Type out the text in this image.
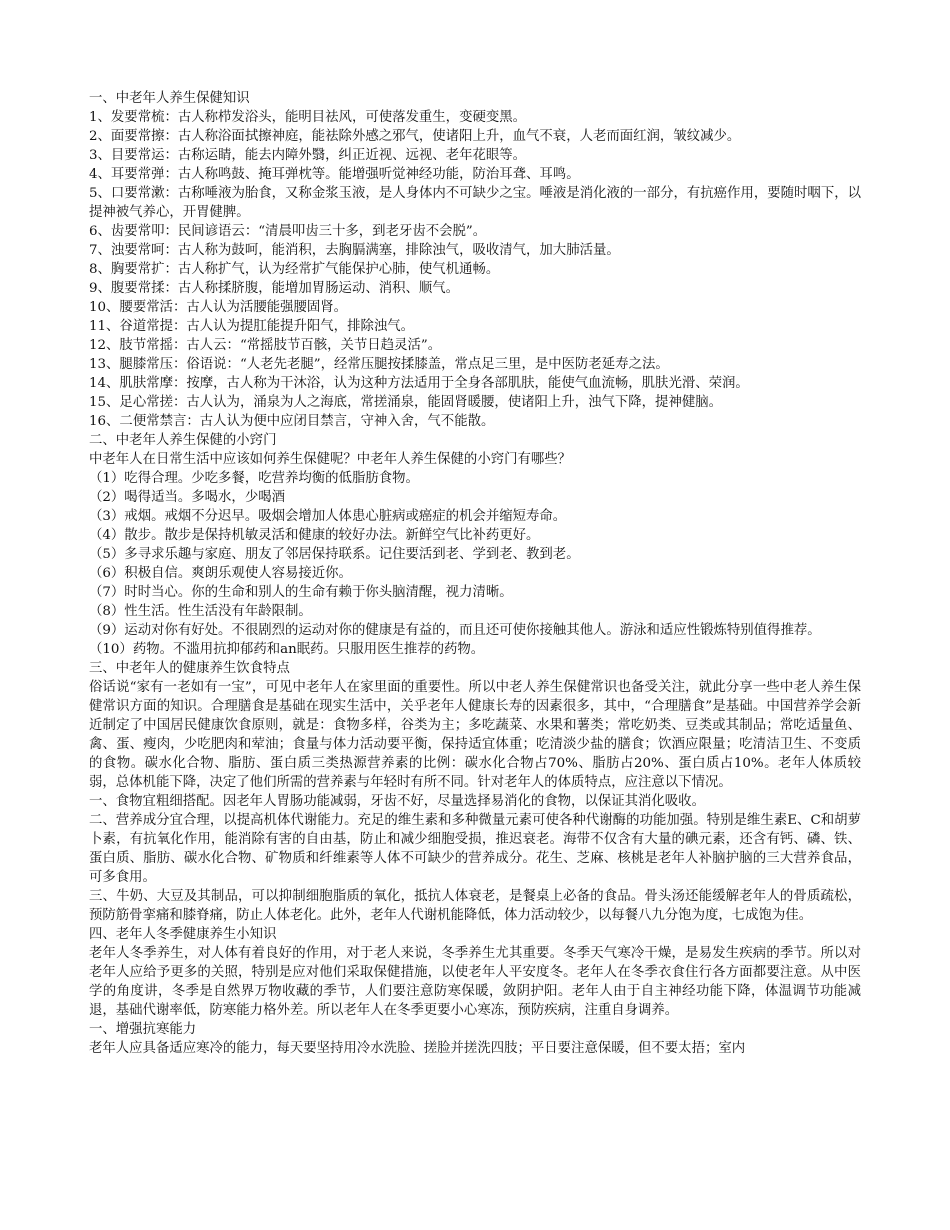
一、中老年人养生保健知识

1、发要常梳：古人称栉发浴头，能明目祛风，可使落发重生，变硬变黑。

2、面要常擦：古人称浴面拭擦神庭，能祛除外感之邪气，使诸阳上升，血气不衰，人老而面红润，皱纹减少。

3、目要常运：古称运睛，能去内障外翳，纠正近视、远视、老年花眼等。

4、耳要常弹：古人称鸣鼓、掩耳弹枕等。能增强听觉神经功能，防治耳聋、耳鸣。

5、口要常漱：古称唾液为胎食，又称金浆玉液，是人身体内不可缺少之宝。唾液是消化液的一部分，有抗癌作用，要随时咽下，以提神被气养心，开胃健脾。

6、齿要常叩：民间谚语云：“清晨叩齿三十多，到老牙齿不会脱”。

7、浊要常呵：古人称为鼓呵，能消积，去胸膈满塞，排除浊气，吸收清气，加大肺活量。

8、胸要常扩：古人称扩气，认为经常扩气能保护心肺，使气机通畅。

9、腹要常揉：古人称揉脐腹，能增加胃肠运动、消积、顺气。

10、腰要常活：古人认为活腰能强腰固肾。

11、谷道常提：古人认为提肛能提升阳气，排除浊气。

12、肢节常摇：古人云：“常摇肢节百骸，关节日趋灵活”。

13、腿膝常压：俗语说：“人老先老腿”，经常压腿按揉膝盖，常点足三里，是中医防老延寿之法。

14、肌肤常摩：按摩，古人称为干沐浴，认为这种方法适用于全身各部肌肤，能使气血流畅，肌肤光滑、荣润。

15、足心常搓：古人认为，涌泉为人之海底，常搓涌泉，能固肾暖腰，使诸阳上升，浊气下降，提神健脑。

16、二便常禁言：古人认为便中应闭目禁言，守神入舍，气不能散。

二、中老年人养生保健的小窍门

中老年人在日常生活中应该如何养生保健呢？中老年人养生保健的小窍门有哪些？

（1）吃得合理。少吃多餐，吃营养均衡的低脂肪食物。

（2）喝得适当。多喝水，少喝酒

（3）戒烟。戒烟不分迟早。吸烟会增加人体患心脏病或癌症的机会并缩短寿命。

（4）散步。散步是保持机敏灵活和健康的较好办法。新鲜空气比补药更好。

（5）多寻求乐趣与家庭、朋友了邻居保持联系。记住要活到老、学到老、教到老。

（6）积极自信。爽朗乐观使人容易接近你。

（7）时时当心。你的生命和别人的生命有赖于你头脑清醒，视力清晰。

（8）性生活。性生活没有年龄限制。

（9）运动对你有好处。不很剧烈的运动对你的健康是有益的，而且还可使你接触其他人。游泳和适应性锻炼特别值得推荐。

（10）药物。不滥用抗抑郁药和an眠药。只服用医生推荐的药物。

三、中老年人的健康养生饮食特点

俗话说“家有一老如有一宝”，可见中老年人在家里面的重要性。所以中老人养生保健常识也备受关注，就此分享一些中老人养生保健常识方面的知识。合理膳食是基础在现实生活中，关乎老年人健康长寿的因素很多，其中，“合理膳食”是基础。中国营养学会新近制定了中国居民健康饮食原则，就是：食物多样，谷类为主；多吃蔬菜、水果和薯类；常吃奶类、豆类或其制品；常吃适量鱼、禽、蛋、瘦肉，少吃肥肉和荤油；食量与体力活动要平衡，保持适宜体重；吃清淡少盐的膳食；饮酒应限量；吃清洁卫生、不变质的食物。碳水化合物、脂肪、蛋白质三类热源营养素的比例：碳水化合物占70%、脂肪占20%、蛋白质占10%。老年人体质较弱，总体机能下降，决定了他们所需的营养素与年轻时有所不同。针对老年人的体质特点，应注意以下情况。

一、食物宜粗细搭配。因老年人胃肠功能减弱，牙齿不好，尽量选择易消化的食物，以保证其消化吸收。

二、营养成分宜合理，以提高机体代谢能力。充足的维生素和多种微量元素可使各种代谢酶的功能加强。特别是维生素E、C和胡萝卜素，有抗氧化作用，能消除有害的自由基，防止和减少细胞受损，推迟衰老。海带不仅含有大量的碘元素，还含有钙、磷、铁、蛋白质、脂肪、碳水化合物、矿物质和纤维素等人体不可缺少的营养成分。花生、芝麻、核桃是老年人补脑护脑的三大营养食品，可多食用。

三、牛奶、大豆及其制品，可以抑制细胞脂质的氧化，抵抗人体衰老，是餐桌上必备的食品。骨头汤还能缓解老年人的骨质疏松，预防筋骨挛痛和膝脊痛，防止人体老化。此外，老年人代谢机能降低，体力活动较少，以每餐八九分饱为度，七成饱为佳。

四、老年人冬季健康养生小知识

老年人冬季养生，对人体有着良好的作用，对于老人来说，冬季养生尤其重要。冬季天气寒冷干燥，是易发生疾病的季节。所以对老年人应给予更多的关照，特别是应对他们采取保健措施，以使老年人平安度冬。老年人在冬季衣食住行各方面都要注意。从中医学的角度讲，冬季是自然界万物收藏的季节，人们要注意防寒保暖，敛阴护阳。老年人由于自主神经功能下降，体温调节功能减退，基础代谢率低，防寒能力格外差。所以老年人在冬季更要小心寒冻，预防疾病，注重自身调养。

一、增强抗寒能力

老年人应具备适应寒冷的能力，每天要坚持用冷水洗脸、搓脸并搓洗四肢；平日要注意保暖，但不要太捂；室内
